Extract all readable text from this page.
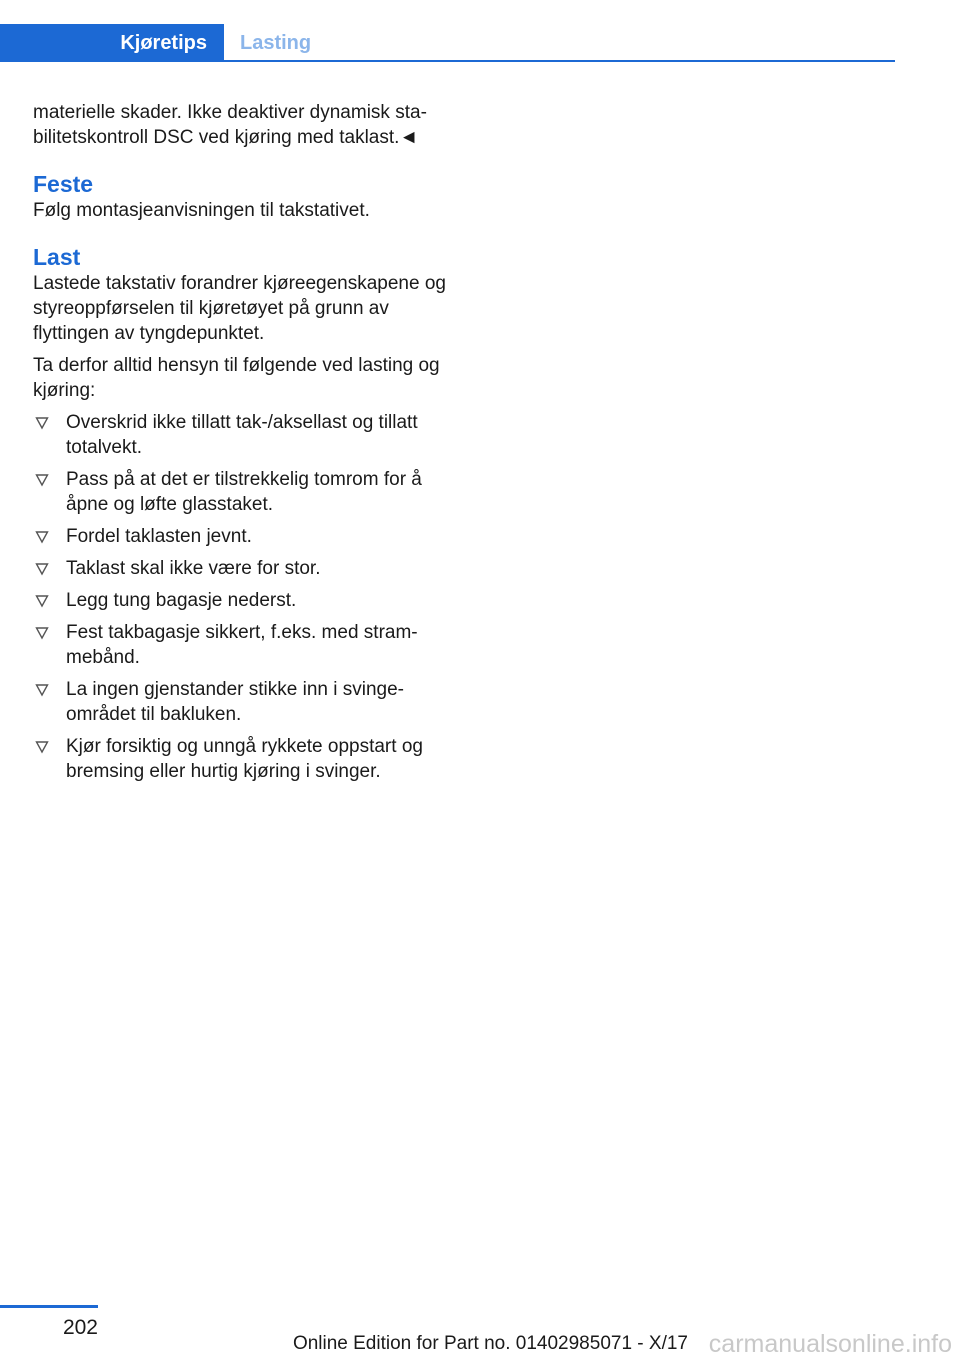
Kjøretips	Lasting

materielle skader. Ikke deaktiver dynamisk stabilitetskontroll DSC ved kjøring med taklast.◄

Feste

Følg montasjeanvisningen til takstativet.

Last

Lastede takstativ forandrer kjøreegenskapene og styreoppførselen til kjøretøyet på grunn av flyttingen av tyngdepunktet.

Ta derfor alltid hensyn til følgende ved lasting og kjøring:

Overskrid ikke tillatt tak-/aksellast og tillatt totalvekt.
Pass på at det er tilstrekkelig tomrom for å åpne og løfte glasstaket.
Fordel taklasten jevnt.
Taklast skal ikke være for stor.
Legg tung bagasje nederst.
Fest takbagasje sikkert, f.eks. med strammebånd.
La ingen gjenstander stikke inn i svingeområdet til bakluken.
Kjør forsiktig og unngå rykkete oppstart og bremsing eller hurtig kjøring i svinger.
202
Online Edition for Part no. 01402985071 - X/17 carmanualsonline.info
